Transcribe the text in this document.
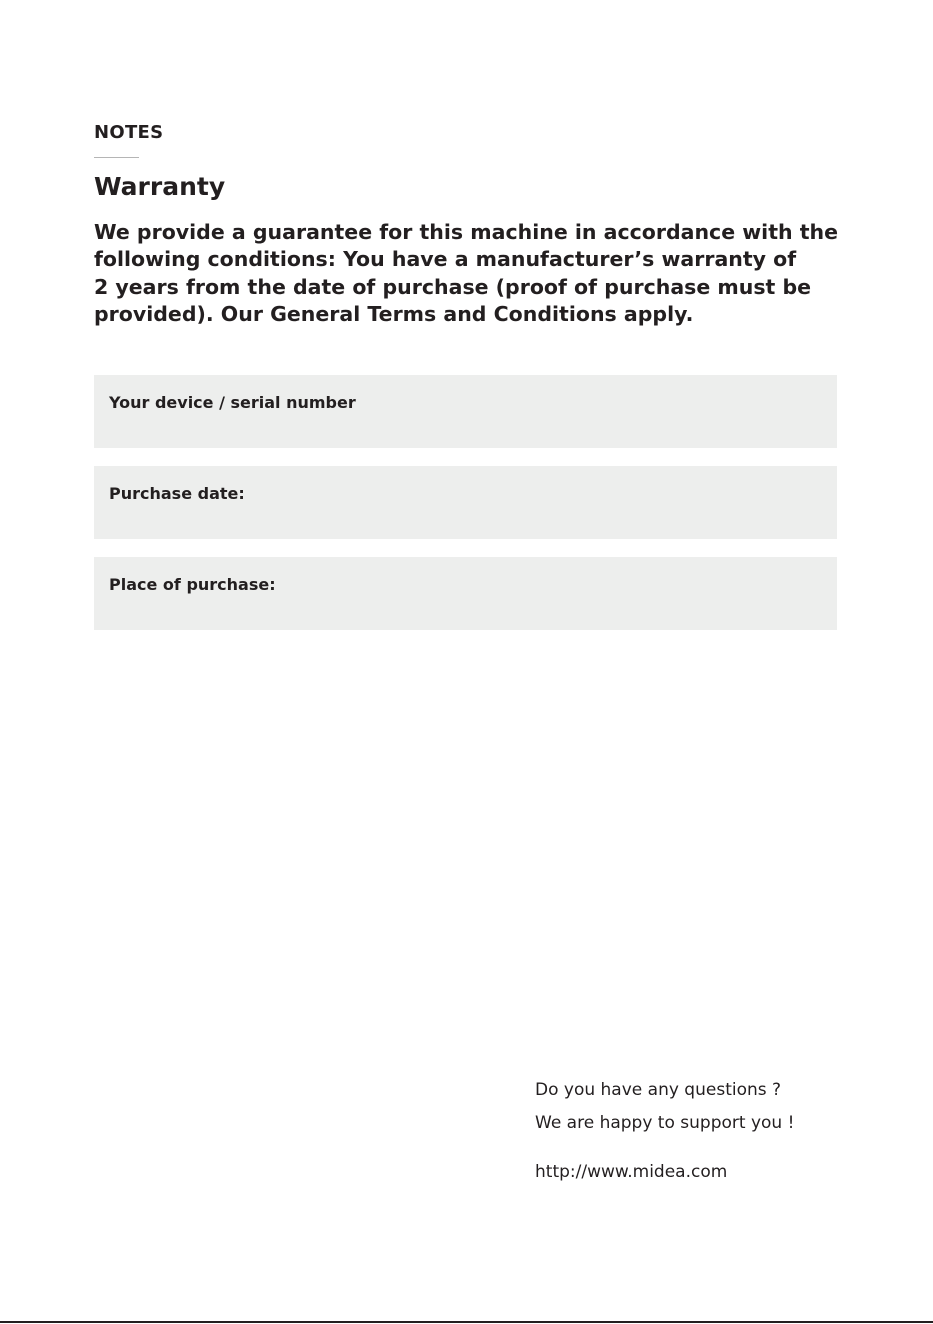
NOTES
Warranty

We provide a guarantee for this machine in accordance with the
following conditions: You have a manufacturer’s warranty of
2 years from the date of purchase (proof of purchase must be
provided). Our General Terms and Conditions apply.

Your device / serial number
Purchase date:
Place of purchase:
Do you have any questions ?
We are happy to support you !
http://www.midea.com
